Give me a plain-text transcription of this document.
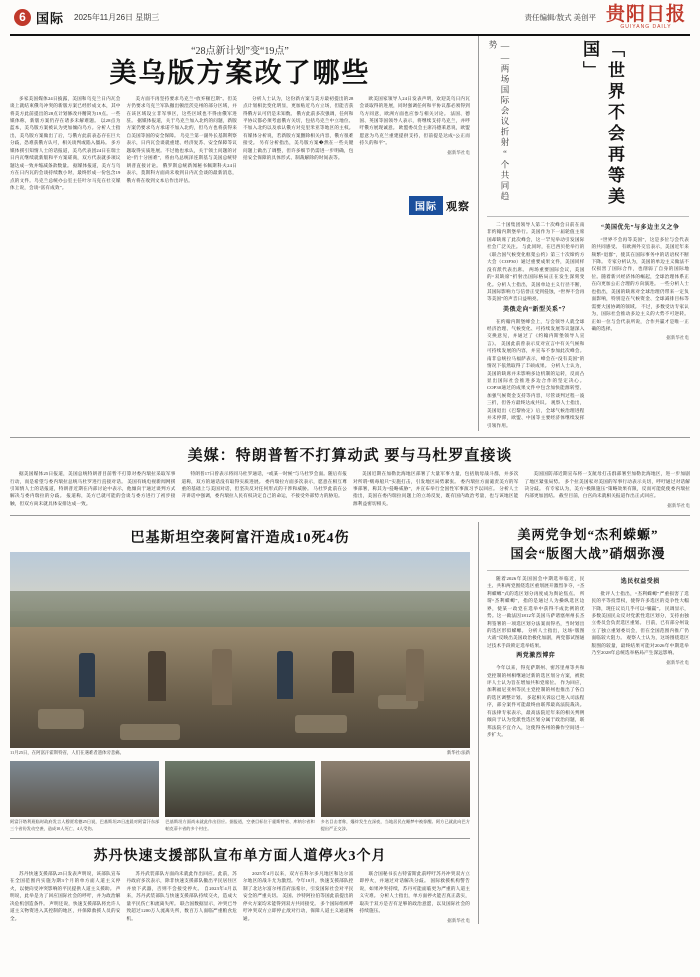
6 国际 2025年11月26日 星期三	责任编辑/敖式 美创平 贵阳日报
GUIYANG DAILY
“28点新计划”变“19点”
美乌版方案改了哪些

多家美国媒体24日披露，美国和乌克兰日内瓦会谈上就结束俄乌冲突的新版方案已经形成文本，其中将美方此前提出的28点计划修改并精简为19点。一些媒体称，新版方案仍存在诸多未解难题。 以28点为蓝本，美乌版方案被认为更加倾向乌方。分析人士指出，美乌版方案做出了后，与俄方此前表态存在巨大分歧，恐难获俄方认可，相关谈判或陷入僵局。 多方媒体援引知情人士的话报道，美乌代表团24日在瑞士日内瓦继续就新版和平方案磋商，双方代表就多项议题达成一致并缩减条款数量。 据媒体报道，美方与乌方在日内瓦的会谈持续数小时，最终形成一份包含19点的文件。乌克兰总统办公室主任叶尔马克在社交媒体上说，会谈“富有成效”。

美方面不再坚持要求乌克兰“放弃顿巴斯”。但美方仍要求乌克兰军队撤出顿涅茨克州的部分区域，并在该区域设立非军事区，这些区域也不得由俄军进驻。 据媒体报道，关于乌克兰加入北约的问题，新版方案仍要求乌方承诺不加入北约，但乌方也将获得来自美国等国的安全保障。 乌克兰第一副外长基斯利察表示，日内瓦会谈就重建、经济复苏、安全保障等议题取得实质进展。不过他也承认，关于领土问题的讨论“仍十分困难”，将由乌总统泽连斯基与美国总统特朗普直接讨论。 俄罗斯总统新闻秘书佩斯科夫24日表示，莫斯科方面尚未收到日内瓦会谈的最新消息，俄方将在收到文本后作出评估。

分析人士认为，这份新方案与美方最初提出的28点计划相比变化明显，更加贴近乌方立场，但能否获得俄方认可仍是未知数。 俄方此前多次强调，任何和平协议都必须考虑俄方关切，包括乌克兰中立地位、不加入北约以及承认俄方对克里米亚等地区的主权。 有媒体分析说，若新版方案删除相关内容，俄方很难接受。 另有分析指出，美乌版方案�然在一些关键问题上做出了调整，但许多细节仍需进一步明确，包括安全保障的具体形式、制裁解除的时间表等。

欧美国家领导人24日发表声明，欢迎美乌日内瓦会谈取得的进展，同时强调任何和平协议都必须得到乌方同意，欧洲方面也应参与相关讨论。 法国、德国、英国等国领导人表示，将继续支持乌克兰，并呼吁俄方展现诚意。 欧盟委员会主席冯德莱恩说，欧盟愿意为乌克兰重建提供支持，但前提是达成“公正而持久的和平”。

据新华社电
国际 观察	「世界不会再等美国」
——两场国际会议折射“个共同趋势

二十国集团领导人第二十次峰会日前在南非约翰内斯堡举行。美国作为下一届轮值主席国却缺席了此次峰会，这一罕见举动引发国际社会广泛关注。 与此同时，在巴西贝伦举行的《联合国气候变化框架公约》第三十次缔约方大会（COP30）通过重要成果文件，美国同样没有派代表出席。 两场重要国际会议，美国的“双缺席”折射出国际格局正在发生深刻变化。分析人士指出，美国单边主义行径不断，其国际影响力与信誉正受到侵蚀，“世界不会再等美国”的声音日益响亮。

美俄走向“新型关系”？

在约翰内斯堡峰会上，与会领导人就全球经济治理、气候变化、可持续发展等议题深入交换意见，并通过了《约翰内斯堡领导人宣言》。 美国此前曾表示反对宣言中有关气候和可持续发展的内容，并宣布不参加此次峰会。南非总统拉马福萨表示，峰会在“没有美国”的情况下依然取得了丰硕成果。 分析人士认为，美国的缺席并未影响多边机制的运转，反而凸显出国际社会推进多边合作的坚定决心。 COP30通过的成果文件中包含加快能源转型、加强气候资金支持等内容，尽管谈判过程一波三折，但各方最终达成共识。 观察人士指出，美国退出《巴黎协定》后，全球气候治理进程并未停滞，欧盟、中国等主要经济体继续发挥引领作用。

“美国优先”与多边主义之争

“世界不会再等美国”，这是多位与会代表的共同感受。 有欧洲外交官表示，美国近年来频繁“退群”，使其在国际事务中的话语权不断下降。 专家分析认为，美国的单边主义做法不仅损害了国际合作，也削弱了自身的国际地位。随着新兴经济体的崛起，全球治理体系正在向更加公正合理的方向演进。 一些分析人士也指出，美国的缺席对全球治理仍带来一定负面影响，特别是在气候资金、全球减排目标等需要大国协调的领域。 不过，多数受访专家认为，国际社会推动多边主义的大势不可逆转。正如一位与会代表所说，合作共赢才是唯一正确的选择。

据新华社电
美媒：特朗普暂不打算动武 要与马杜罗直接谈

据美国媒体25日报道，美国总统特朗普目前暂不打算对委内瑞拉采取军事行动，而是希望与委内瑞拉总统马杜罗进行直接对话。 美国有线电视新闻网援引知情人士的话报道，特朗普近期在内部讨论中表示，他倾向于通过谈判方式解决与委内瑞拉的分歧。 报道称，美方已就可能的会谈与委方进行了初步接触，但双方尚未就具体安排达成一致。

特朗普17日曾表示将同马杜罗通话，“或某一时候”与马杜罗会面。随后有报道称，双方的通话没有取得实质进展。 委内瑞拉方面多次表示，愿意在相互尊重的基础上与美国对话，但坚决反对任何形式的干涉和威胁。 马杜罗此前在公开讲话中强调，委内瑞拉人民有权决定自己的命运，不接受外部势力的胁迫。

美国近期在加勒比海地区部署了大量军事力量，包括航母战斗群，并多次对所谓“贩毒船只”实施打击，引发地区局势紧张。 委内瑞拉方面谴责美方的军事部署，称其为“侵略威胁”，并宣布举行全国性军事演习予以回应。 分析人士指出，美国在委内瑞拉问题上的立场反复，既有国内政治考量，也与该地区能源利益密切相关。

美国国防部近期宣布将一支航母打击群部署至加勒比海地区，进一步加剧了地区紧张局势。 多个拉美国家对美国的军事行动表示关切，呼吁通过对话解决分歧。 有专家认为，美方“极限施压”策略效果有限，反而可能促使委内瑞拉内部更加团结。 截至目前，白宫尚未就相关报道作出正式回应。

据新华社电
巴基斯坦空袭阿富汗造成10死4伤
11月25日，在阿富汗霍斯特省，人们在遇难者遗体旁悲痛。	新华社/法新
阿富汗塔利班临时政府发言人穆贾希德25日说，巴基斯坦25日凌晨对阿富汗东部三个省份发动空袭，造成10人死亡、4人受伤。
巴基斯坦方面尚未就此作出回应。据报道，空袭目标位于霍斯特省、库纳尔省和帕克蒂卡省的多个村庄。
多名目击者称，爆炸发生在深夜，当地居民在睡梦中被惊醒。阿方已就此向巴方提出严正交涉。
苏丹快速支援部队宣布单方面人道停火3个月

苏丹快速支援部队25日发表声明说，该部队宣布在全国范围内实施为期3个月的单方面人道主义停火，以便向受冲突影响的平民提供人道主义援助。 声明说，此举是为了回应国际社会的呼吁，并为政治解决危机创造条件。 声明还说，快速支援部队将允许人道主义物资进入其控制的地区，并保障救援人员的安全。

苏丹武装部队方面尚未就此作出回应。此前，苏丹政府多次表示，除非快速支援部队撤出平民居住区并放下武器，否则不会接受停火。 自2023年4月以来，苏丹武装部队与快速支援部队持续交火，造成大量平民伤亡和流离失所。 联合国数据显示，冲突已导致超过1200万人流离失所，数百万人面临严重粮食危机。

2025年4月以来，双方在科尔多凡地区和达尔富尔地区的战斗尤为激烈。今年10月，快速支援部队控制了北达尔富尔州首府法希尔，引发国际社会对平民安全的严重关切。 美国、沙特阿拉伯等国此前提出的停火方案均未能得到双方共同接受。 多个国际组织呼吁冲突双方立即停止敌对行动，保障人道主义通道畅通。

联合国秘书长古特雷斯此前呼吁苏丹冲突双方立即停火，并通过对话解决分歧。 国际救援机构警告说，如果冲突持续，苏丹可能面临更为严重的人道主义灾难。 分析人士指出，单方面停火能否真正落实，取决于双方是否有足够的政治意愿，以及国际社会的持续施压。

据新华社电
美两党争划“杰利蝾螈”
国会“版图大战”硝烟弥漫

随着2026年美国国会中期选举临近，民主、共和两党围绕选区重划展开激烈争夺，“杰利蝾螈”式的选区划分再度成为舆论焦点。 所谓“杰利蝾螈”，指的是通过人为操纵选区边界，使某一政党在选举中获得不成比例的优势。这一做法因1812年美国马萨诸塞州州长杰利签署的一项选区划分法案而得名，当时划出的选区形似蝾螈。 分析人士指出，这场“版图大战”反映出美国政治极化加剧，两党都试图通过技术手段锁定选举结果。

两党激烈博弈

今年以来，得克萨斯州、密苏里州等共和党控制的州相继通过新的选区划分方案，被批评人士认为旨在增加共和党席位。 作为回应，加利福尼亚州等民主党控制的州也推出了各自的选区调整计划。 多起相关诉讼已进入司法程序，部分案件可能最终由联邦最高法院裁决。 有法律专家表示，最高法院近年来的相关判例倾向于认为党派性选区划分属于政治问题，联邦法院不宜介入，这使得各州的操作空间进一步扩大。

选民权益受损

批评人士指出，“杰利蝾螈”严重损害了选民的平等投票权，使得许多选区的竞争性大幅下降，现任议员几乎可以“躺赢”。 民调显示，多数美国民众反对党派性选区划分，支持由独立委员会负责选区重划。 目前，已有部分州设立了独立重划委员会，但在全国范围内推广仍面临较大阻力。 观察人士认为，这场围绕选区版图的较量，最终结果可能对2026年中期选举乃至2028年总统选举格局产生深远影响。

据新华社电
